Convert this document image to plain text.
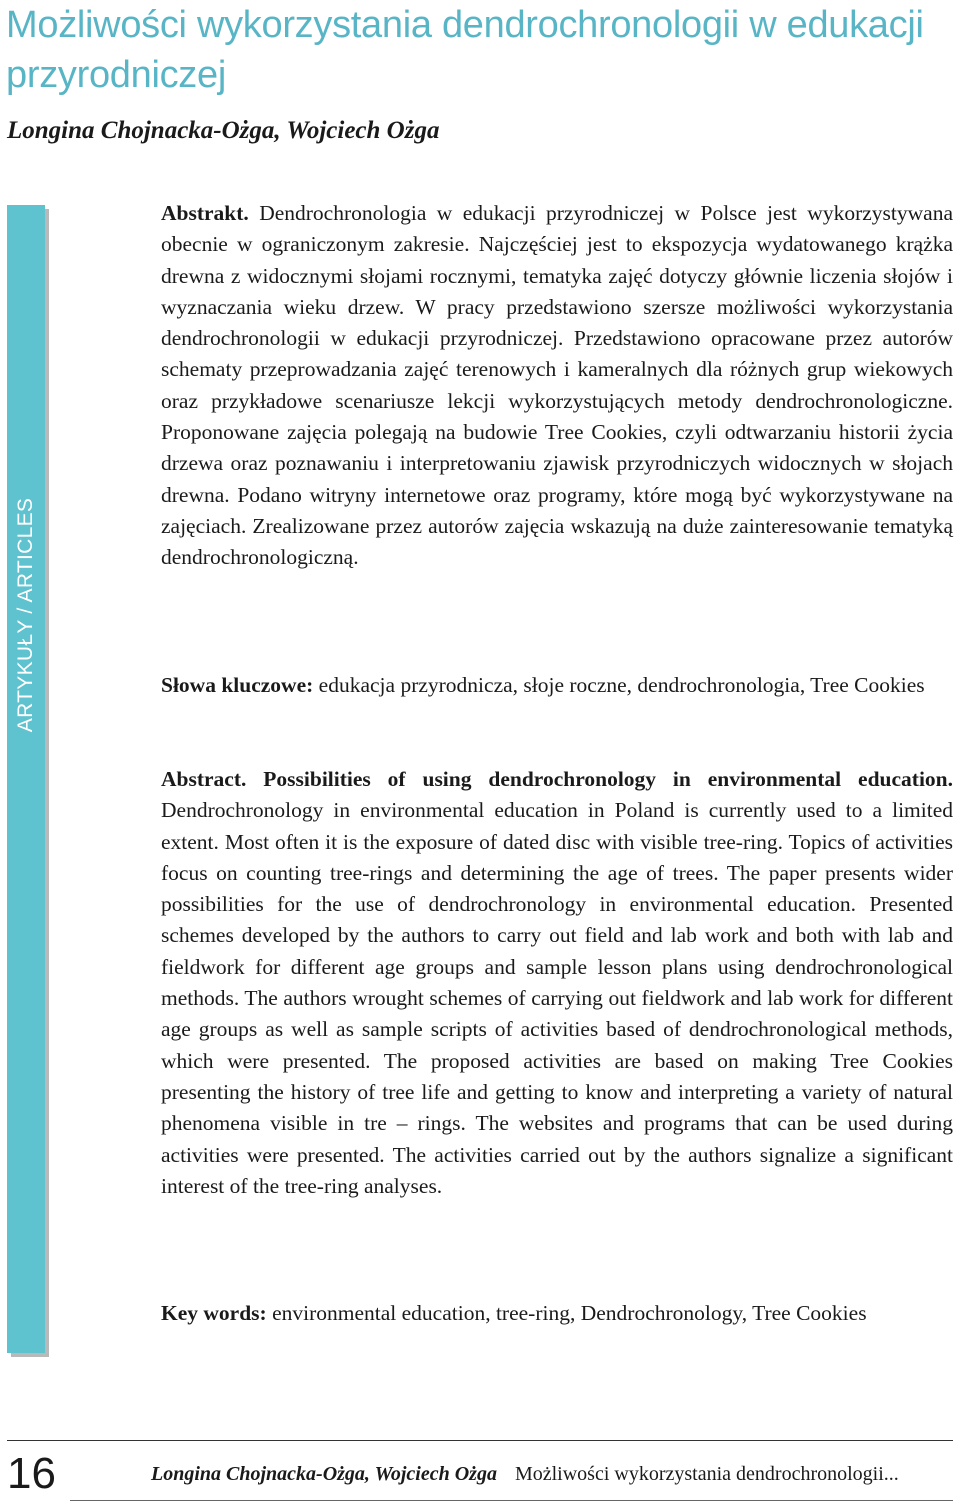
Możliwości wykorzystania dendrochronologii w edukacji przyrodniczej

Longina Chojnacka-Ożga, Wojciech Ożga

ARTYKUŁY / ARTICLES

Abstrakt. Dendrochronologia w edukacji przyrodniczej w Polsce jest wykorzystywana obecnie w ograniczonym zakresie. Najczęściej jest to ekspozycja wydatowanego krążka drewna z widocznymi słojami rocznymi, tematyka zajęć dotyczy głównie liczenia słojów i wyznaczania wieku drzew. W pracy przedstawiono szersze możliwości wykorzystania dendrochronologii w edukacji przyrodniczej. Przedstawiono opracowane przez autorów schematy przeprowadzania zajęć terenowych i kameralnych dla różnych grup wiekowych oraz przykładowe scenariusze lekcji wykorzystujących metody dendrochronologiczne. Proponowane zajęcia polegają na budowie Tree Cookies, czyli odtwarzaniu historii życia drzewa oraz poznawaniu i interpretowaniu zjawisk przyrodniczych widocznych w słojach drewna. Podano witryny internetowe oraz programy, które mogą być wykorzystywane na zajęciach. Zrealizowane przez autorów zajęcia wskazują na duże zainteresowanie tematyką dendrochronologiczną.

Słowa kluczowe: edukacja przyrodnicza, słoje roczne, dendrochronologia, Tree Cookies

Abstract. Possibilities of using dendrochronology in environmental education. Dendrochronology in environmental education in Poland is currently used to a limited extent. Most often it is the exposure of dated disc with visible tree-ring. Topics of activities focus on counting tree-rings and determining the age of trees. The paper presents wider possibilities for the use of dendrochronology in environmental education. Presented schemes developed by the authors to carry out field and lab work and both with lab and fieldwork for different age groups and sample lesson plans using dendrochronological methods. The authors wrought schemes of carrying out fieldwork and lab work for different age groups as well as sample scripts of activities based of dendrochronological methods, which were presented. The proposed activities are based on making Tree Cookies presenting the history of tree life and getting to know and interpreting a variety of natural phenomena visible in tre – rings. The websites and programs that can be used during activities were presented. The activities carried out by the authors signalize a significant interest of the tree-ring analyses.

Key words: environmental education, tree-ring, Dendrochronology, Tree Cookies

16	Longina Chojnacka-Ożga, Wojciech Ożga Możliwości wykorzystania dendrochronologii...
